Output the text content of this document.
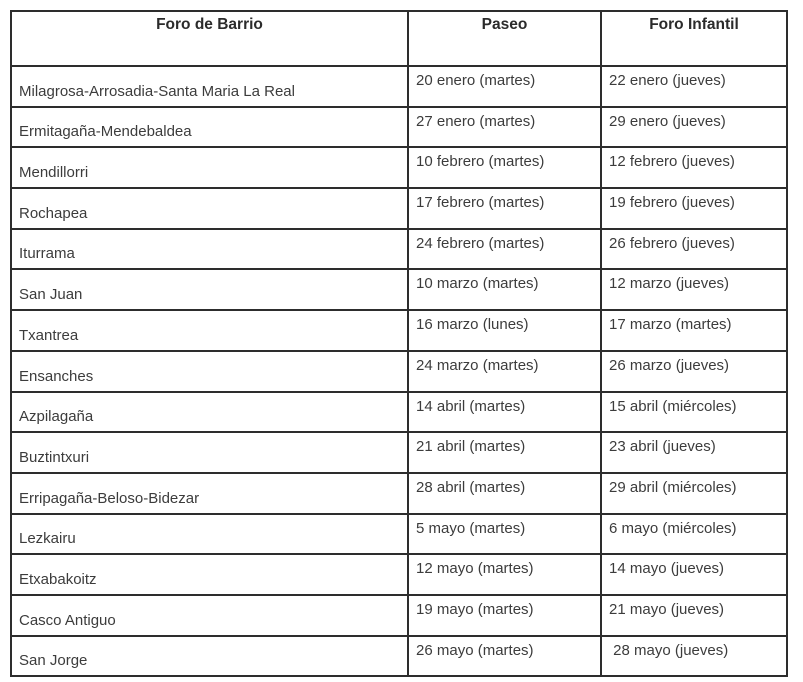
Foro de Barrio	Paseo	Foro Infantil
Milagrosa-Arrosadia-Santa Maria La Real	20 enero (martes)	22 enero (jueves)
Ermitagaña-Mendebaldea	27 enero (martes)	29 enero (jueves)
Mendillorri	10 febrero (martes)	12 febrero (jueves)
Rochapea	17 febrero (martes)	19 febrero (jueves)
Iturrama	24 febrero (martes)	26 febrero (jueves)
San Juan	10 marzo (martes)	12 marzo (jueves)
Txantrea	16 marzo (lunes)	17 marzo (martes)
Ensanches	24 marzo (martes)	26 marzo (jueves)
Azpilagaña	14 abril (martes)	15 abril (miércoles)
Buztintxuri	21 abril (martes)	23 abril (jueves)
Erripagaña-Beloso-Bidezar	28 abril (martes)	29 abril (miércoles)
Lezkairu	5 mayo (martes)	6 mayo (miércoles)
Etxabakoitz	12 mayo (martes)	14 mayo (jueves)
Casco Antiguo	19 mayo (martes)	21 mayo (jueves)
San Jorge	26 mayo (martes)	28 mayo (jueves)
